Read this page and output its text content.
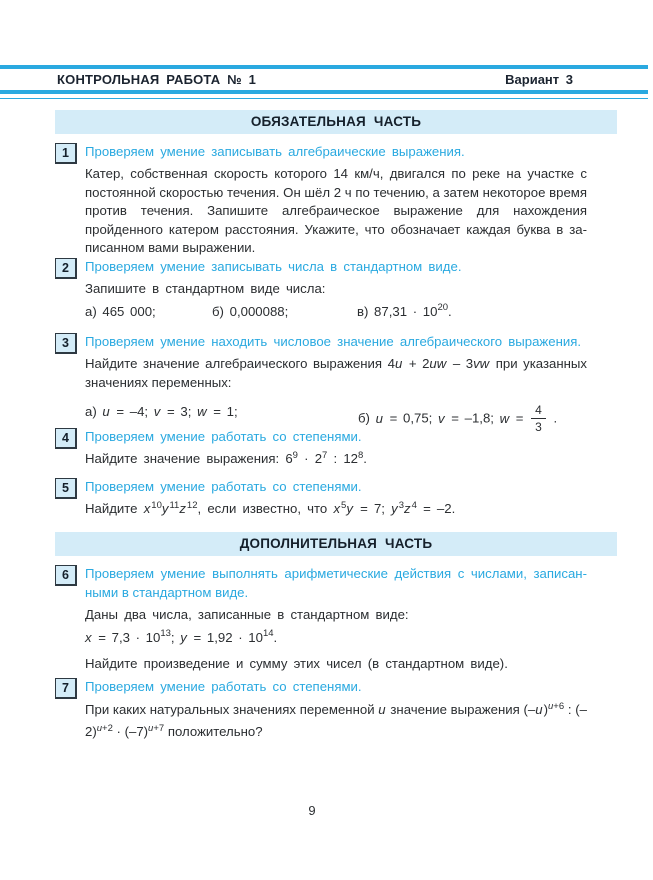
КОНТРОЛЬНАЯ РАБОТА № 1	Вариант 3
ОБЯЗАТЕЛЬНАЯ ЧАСТЬ
1	Проверяем умение записывать алгебраические выражения.
Катер, собственная скорость которого 14 км/ч, двигался по реке на участке с постоянной скоростью течения. Он шёл 2 ч по течению, а затем некоторое время против течения. Запишите алгебраическое выражение для нахождения пройденного катером расстояния. Укажите, что обозначает каждая буква в записанном вами выражении.
2	Проверяем умение записывать числа в стандартном виде.
Запишите в стандартном виде числа:
а) 465 000;	б) 0,000088;	в) $87,31 \cdot 10^{20}$.
3	Проверяем умение находить числовое значение алгебраического выражения.
Найдите значение алгебраического выражения 4u + 2uw – 3vw при указанных значениях переменных:
а) u = –4; v = 3; w = 1;	б) u = 0,75; v = –1,8; $w = \frac{4}{3}$ .
4	Проверяем умение работать со степенями.
Найдите значение выражения: $6^9 \cdot 2^7$ : $12^8$.
5	Проверяем умение работать со степенями.
Найдите $x^{10}y^{11}z^{12}$, если известно, что $x^5y = 7$; $y^3z^4 = -2$.
ДОПОЛНИТЕЛЬНАЯ ЧАСТЬ
6	Проверяем умение выполнять арифметические действия с числами, записанными в стандартном виде.
Даны два числа, записанные в стандартном виде:
$x = 7,3 \cdot 10^{13}$; $y = 1,92 \cdot 10^{14}$.
Найдите произведение и сумму этих чисел (в стандартном виде).
7	Проверяем умение работать со степенями.
При каких натуральных значениях переменной u значение выражения $(-u)^{u+6}$ : $(-2)^{u+2} \cdot (-7)^{u+7}$ положительно?
9
